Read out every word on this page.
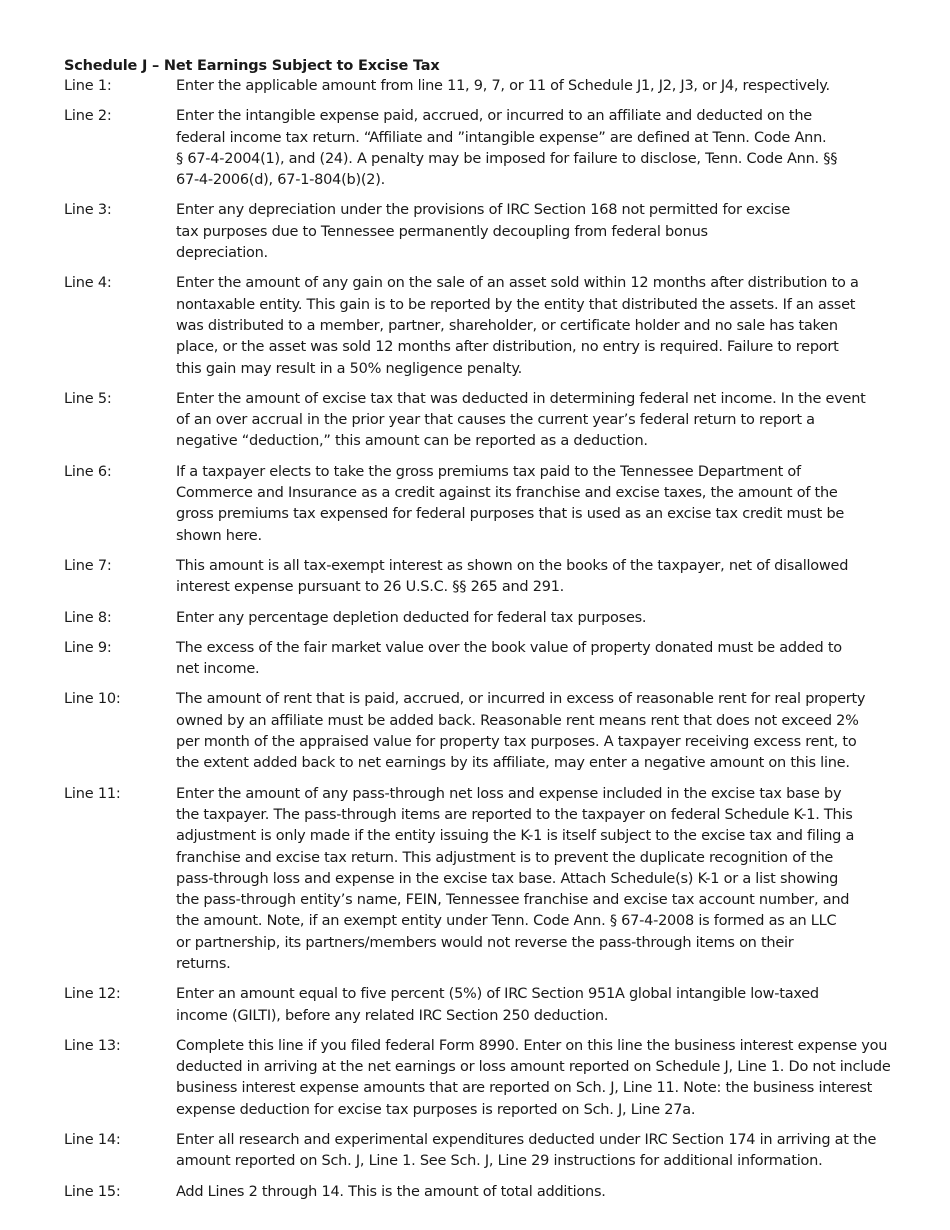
Schedule J – Net Earnings Subject to Excise Tax
Line 1:	Enter the applicable amount from line 11, 9, 7, or 11 of Schedule J1, J2, J3, or J4, respectively.
Line 2:	Enter the intangible expense paid, accrued, or incurred to an affiliate and deducted on the
federal income tax return. “Affiliate and ”intangible expense” are defined at Tenn. Code Ann.
§ 67-4-2004(1), and (24). A penalty may be imposed for failure to disclose, Tenn. Code Ann. §§
67-4-2006(d), 67-1-804(b)(2).
Line 3:	Enter any depreciation under the provisions of IRC Section 168 not permitted for excise
tax purposes due to Tennessee permanently decoupling from federal bonus
depreciation.
Line 4:	Enter the amount of any gain on the sale of an asset sold within 12 months after distribution to a
nontaxable entity. This gain is to be reported by the entity that distributed the assets. If an asset
was distributed to a member, partner, shareholder, or certificate holder and no sale has taken
place, or the asset was sold 12 months after distribution, no entry is required. Failure to report
this gain may result in a 50% negligence penalty.
Line 5:	Enter the amount of excise tax that was deducted in determining federal net income. In the event
of an over accrual in the prior year that causes the current year’s federal return to report a
negative “deduction,” this amount can be reported as a deduction.
Line 6:	If a taxpayer elects to take the gross premiums tax paid to the Tennessee Department of
Commerce and Insurance as a credit against its franchise and excise taxes, the amount of the
gross premiums tax expensed for federal purposes that is used as an excise tax credit must be
shown here.
Line 7:	This amount is all tax-exempt interest as shown on the books of the taxpayer, net of disallowed
interest expense pursuant to 26 U.S.C. §§ 265 and 291.
Line 8:	Enter any percentage depletion deducted for federal tax purposes.
Line 9:	The excess of the fair market value over the book value of property donated must be added to
net income.
Line 10:	The amount of rent that is paid, accrued, or incurred in excess of reasonable rent for real property
owned by an affiliate must be added back. Reasonable rent means rent that does not exceed 2%
per month of the appraised value for property tax purposes. A taxpayer receiving excess rent, to
the extent added back to net earnings by its affiliate, may enter a negative amount on this line.
Line 11:	Enter the amount of any pass-through net loss and expense included in the excise tax base by
the taxpayer. The pass-through items are reported to the taxpayer on federal Schedule K-1. This
adjustment is only made if the entity issuing the K-1 is itself subject to the excise tax and filing a
franchise and excise tax return. This adjustment is to prevent the duplicate recognition of the
pass-through loss and expense in the excise tax base. Attach Schedule(s) K-1 or a list showing
the pass-through entity’s name, FEIN, Tennessee franchise and excise tax account number, and
the amount. Note, if an exempt entity under Tenn. Code Ann. § 67-4-2008 is formed as an LLC
or partnership, its partners/members would not reverse the pass-through items on their
returns.
Line 12:	Enter an amount equal to five percent (5%) of IRC Section 951A global intangible low-taxed
income (GILTI), before any related IRC Section 250 deduction.
Line 13:	Complete this line if you filed federal Form 8990. Enter on this line the business interest expense you
deducted in arriving at the net earnings or loss amount reported on Schedule J, Line 1. Do not include
business interest expense amounts that are reported on Sch. J, Line 11. Note: the business interest
expense deduction for excise tax purposes is reported on Sch. J, Line 27a.
Line 14:	Enter all research and experimental expenditures deducted under IRC Section 174 in arriving at the
amount reported on Sch. J, Line 1. See Sch. J, Line 29 instructions for additional information.
Line 15:	Add Lines 2 through 14. This is the amount of total additions.
